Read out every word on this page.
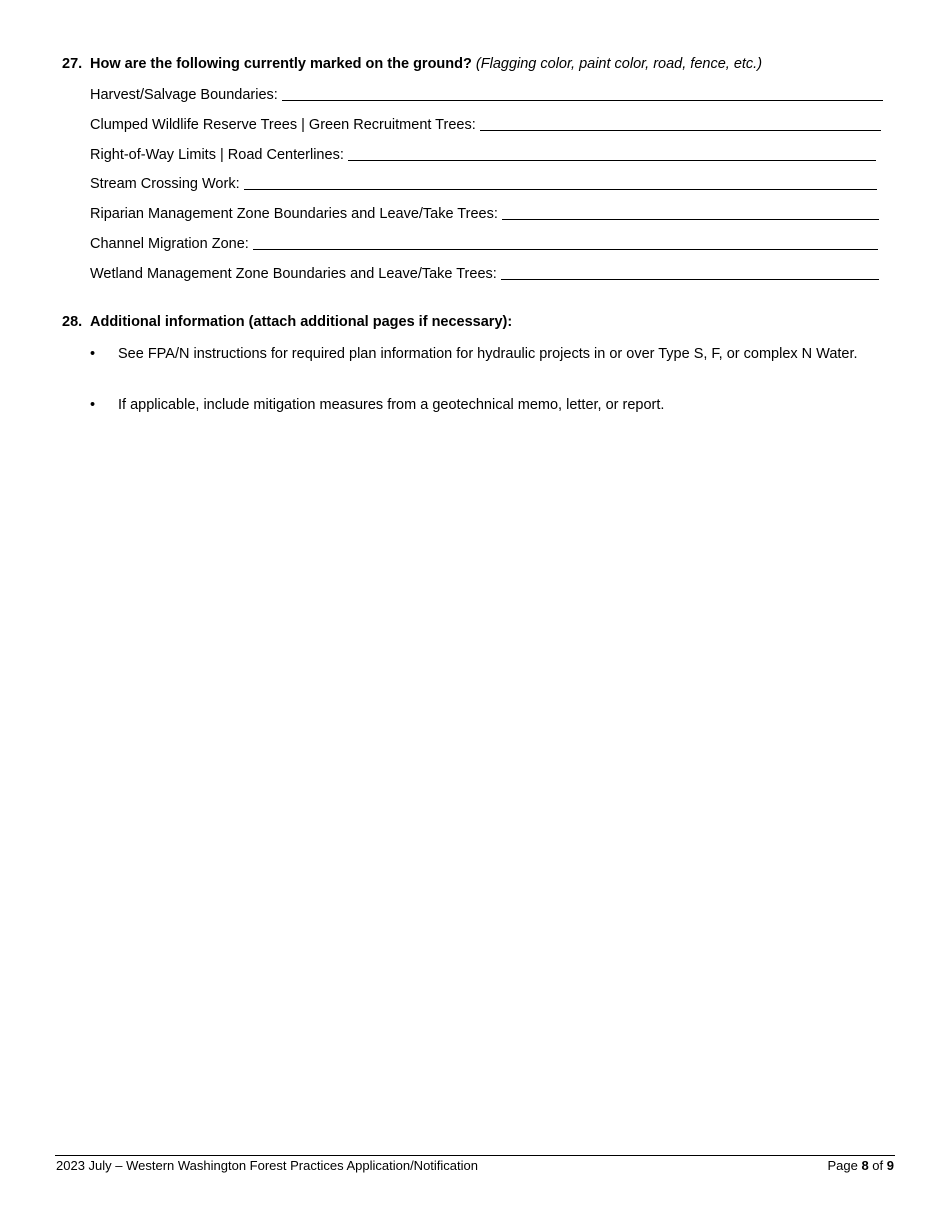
27. How are the following currently marked on the ground? (Flagging color, paint color, road, fence, etc.)
Harvest/Salvage Boundaries:
Clumped Wildlife Reserve Trees | Green Recruitment Trees:
Right-of-Way Limits | Road Centerlines:
Stream Crossing Work:
Riparian Management Zone Boundaries and Leave/Take Trees:
Channel Migration Zone:
Wetland Management Zone Boundaries and Leave/Take Trees:
28. Additional information (attach additional pages if necessary):
•	See FPA/N instructions for required plan information for hydraulic projects in or over Type S, F, or complex N Water.
•	If applicable, include mitigation measures from a geotechnical memo, letter, or report.
2023 July – Western Washington Forest Practices Application/Notification	Page 8 of 9
